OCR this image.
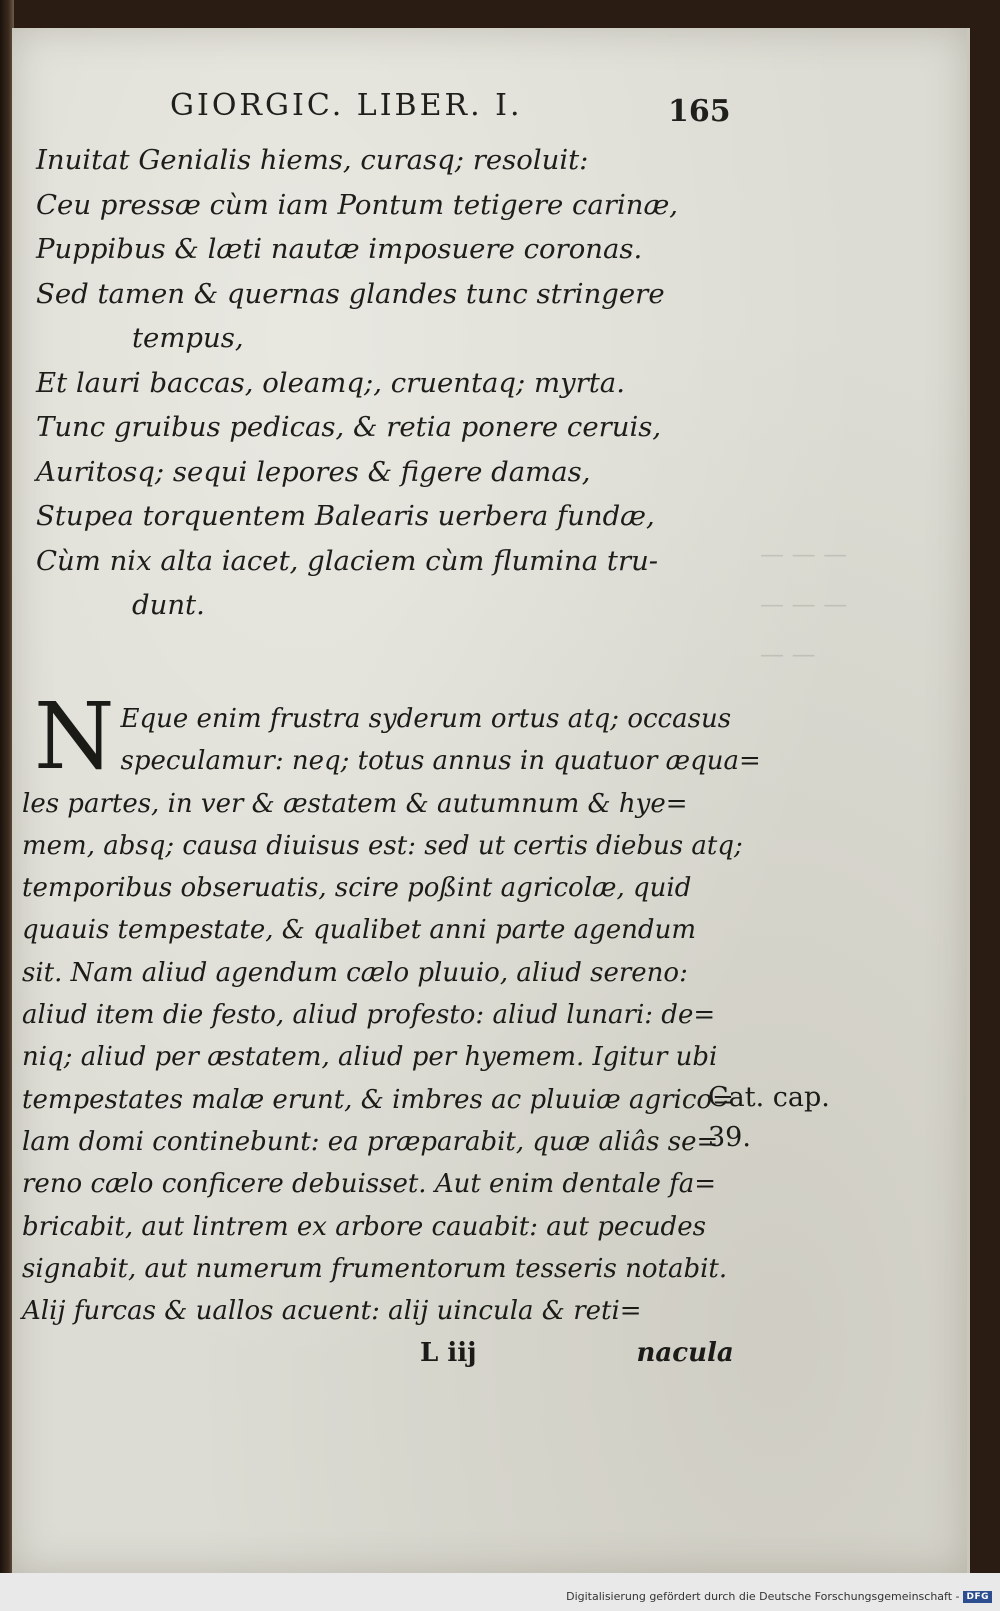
GIORGIC. LIBER. I.	165
Inuitat Genialis hiems, curasq; resoluit:
Ceu pressæ cùm iam Pontum tetigere carinæ,
Puppibus & læti nautæ imposuere coronas.
Sed tamen & quernas glandes tunc stringere
tempus,
Et lauri baccas, oleamq;, cruentaq; myrta.
Tunc gruibus pedicas, & retia ponere ceruis,
Auritosq; sequi lepores & figere damas,
Stupea torquentem Balearis uerbera fundæ,
Cùm nix alta iacet, glaciem cùm flumina tru-
dunt.
N Eque enim frustra syderum ortus atq; occasus
speculamur: neq; totus annus in quatuor æqua=
les partes, in ver & æstatem & autumnum & hye=
mem, absq; causa diuisus est: sed ut certis diebus atq;
temporibus obseruatis, scire poßint agricolæ, quid
quauis tempestate, & qualibet anni parte agendum
sit. Nam aliud agendum cælo pluuio, aliud sereno:
aliud item die festo, aliud profesto: aliud lunari: de=
niq; aliud per æstatem, aliud per hyemem. Igitur ubi
tempestates malæ erunt, & imbres ac pluuiæ agrico=
lam domi continebunt: ea præparabit, quæ aliâs se=
reno cælo conficere debuisset. Aut enim dentale fa=
bricabit, aut lintrem ex arbore cauabit: aut pecudes
signabit, aut numerum frumentorum tesseris notabit.
Alij furcas & uallos acuent: alij uincula & reti=
L iij	nacula
Cat. cap.
39.
Digitalisierung gefördert durch die Deutsche Forschungsgemeinschaft - DFG
